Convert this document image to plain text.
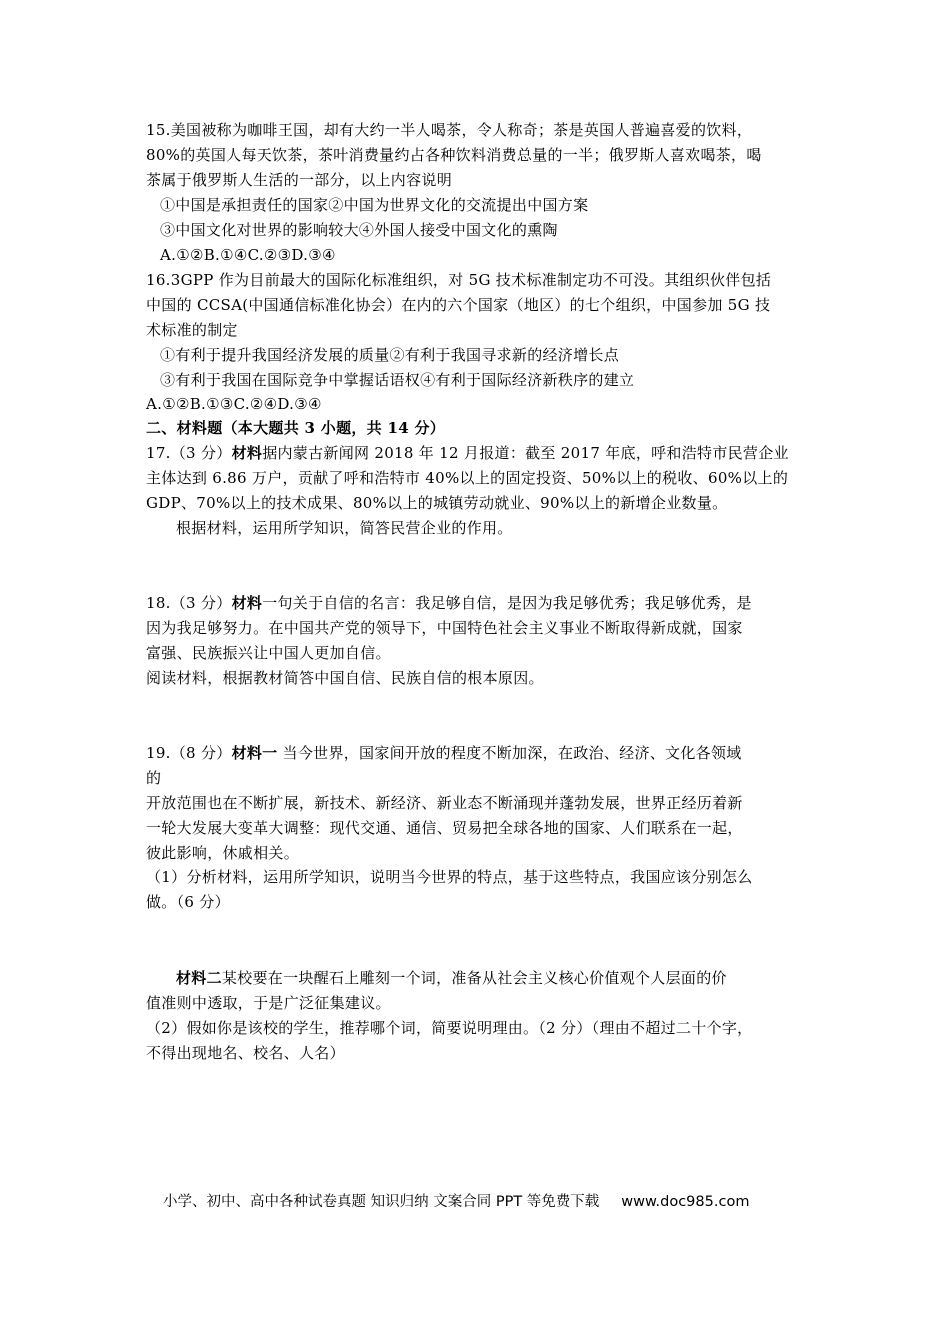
15.美国被称为咖啡王国，却有大约一半人喝茶，令人称奇；茶是英国人普遍喜爱的饮料，
80%的英国人每天饮茶，茶叶消费量约占各种饮料消费总量的一半；俄罗斯人喜欢喝茶，喝
茶属于俄罗斯人生活的一部分，以上内容说明
①中国是承担责任的国家②中国为世界文化的交流提出中国方案
③中国文化对世界的影响较大④外国人接受中国文化的熏陶
A.①②B.①④C.②③D.③④
16.3GPP 作为目前最大的国际化标准组织，对 5G 技术标准制定功不可没。其组织伙伴包括
中国的 CCSA(中国通信标准化协会）在内的六个国家（地区）的七个组织，中国参加 5G 技
术标准的制定
①有利于提升我国经济发展的质量②有利于我国寻求新的经济增长点
③有利于我国在国际竞争中掌握话语权④有利于国际经济新秩序的建立
A.①②B.①③C.②④D.③④
二、材料题（本大题共 3 小题，共 14 分）
17.（3 分）材料据内蒙古新闻网 2018 年 12 月报道：截至 2017 年底，呼和浩特市民营企业
主体达到 6.86 万户，贡献了呼和浩特市 40%以上的固定投资、50%以上的税收、60%以上的
GDP、70%以上的技术成果、80%以上的城镇劳动就业、90%以上的新增企业数量。
根据材料，运用所学知识，简答民营企业的作用。
18.（3 分）材料一句关于自信的名言：我足够自信，是因为我足够优秀；我足够优秀，是
因为我足够努力。在中国共产党的领导下，中国特色社会主义事业不断取得新成就，国家
富强、民族振兴让中国人更加自信。
阅读材料，根据教材简答中国自信、民族自信的根本原因。
19.（8 分）材料一 当今世界，国家间开放的程度不断加深，在政治、经济、文化各领域
的
开放范围也在不断扩展，新技术、新经济、新业态不断涌现并蓬勃发展，世界正经历着新
一轮大发展大变革大调整：现代交通、通信、贸易把全球各地的国家、人们联系在一起，
彼此影响，休戚相关。
（1）分析材料，运用所学知识，说明当今世界的特点，基于这些特点，我国应该分别怎么
做。（6 分）
材料二某校要在一块醒石上雕刻一个词，准备从社会主义核心价值观个人层面的价
值准则中透取，于是广泛征集建议。
（2）假如你是该校的学生，推荐哪个词，简要说明理由。（2 分）（理由不超过二十个字，
不得出现地名、校名、人名）
小学、初中、高中各种试卷真题 知识归纳 文案合同 PPT 等免费下载 www.doc985.com
